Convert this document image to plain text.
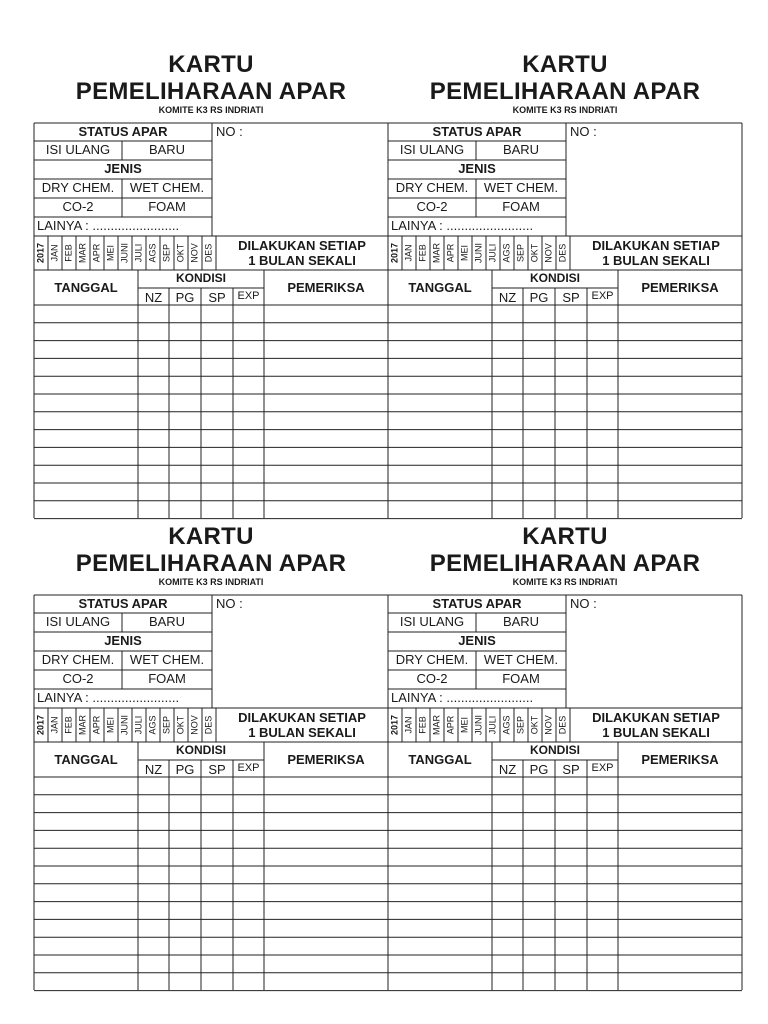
KARTU
PEMELIHARAAN APAR
KOMITE K3 RS INDRIATI
STATUS APAR	NO :
ISI ULANG	BARU
JENIS
DRY CHEM.	WET CHEM.
CO-2	FOAM
LAINYA : ........................
2017 JAN FEB MAR APR MEI JUNI JULI AGS SEP OKT NOV DES	DILAKUKAN SETIAP
1 BULAN SEKALI
TANGGAL
KONDISI
NZ	PG	SP	EXP
PEMERIKSA
KARTU
PEMELIHARAAN APAR
KOMITE K3 RS INDRIATI
STATUS APAR	NO :
ISI ULANG	BARU
JENIS
DRY CHEM.	WET CHEM.
CO-2	FOAM
LAINYA : ........................
2017 JAN FEB MAR APR MEI JUNI JULI AGS SEP OKT NOV DES	DILAKUKAN SETIAP
1 BULAN SEKALI
TANGGAL
KONDISI
NZ	PG	SP	EXP
PEMERIKSA
KARTU
PEMELIHARAAN APAR
KOMITE K3 RS INDRIATI
STATUS APAR	NO :
ISI ULANG	BARU
JENIS
DRY CHEM.	WET CHEM.
CO-2	FOAM
LAINYA : ........................
2017 JAN FEB MAR APR MEI JUNI JULI AGS SEP OKT NOV DES	DILAKUKAN SETIAP
1 BULAN SEKALI
TANGGAL
KONDISI
NZ	PG	SP	EXP
PEMERIKSA
KARTU
PEMELIHARAAN APAR
KOMITE K3 RS INDRIATI
STATUS APAR	NO :
ISI ULANG	BARU
JENIS
DRY CHEM.	WET CHEM.
CO-2	FOAM
LAINYA : ........................
2017 JAN FEB MAR APR MEI JUNI JULI AGS SEP OKT NOV DES	DILAKUKAN SETIAP
1 BULAN SEKALI
TANGGAL
KONDISI
NZ	PG	SP	EXP
PEMERIKSA
